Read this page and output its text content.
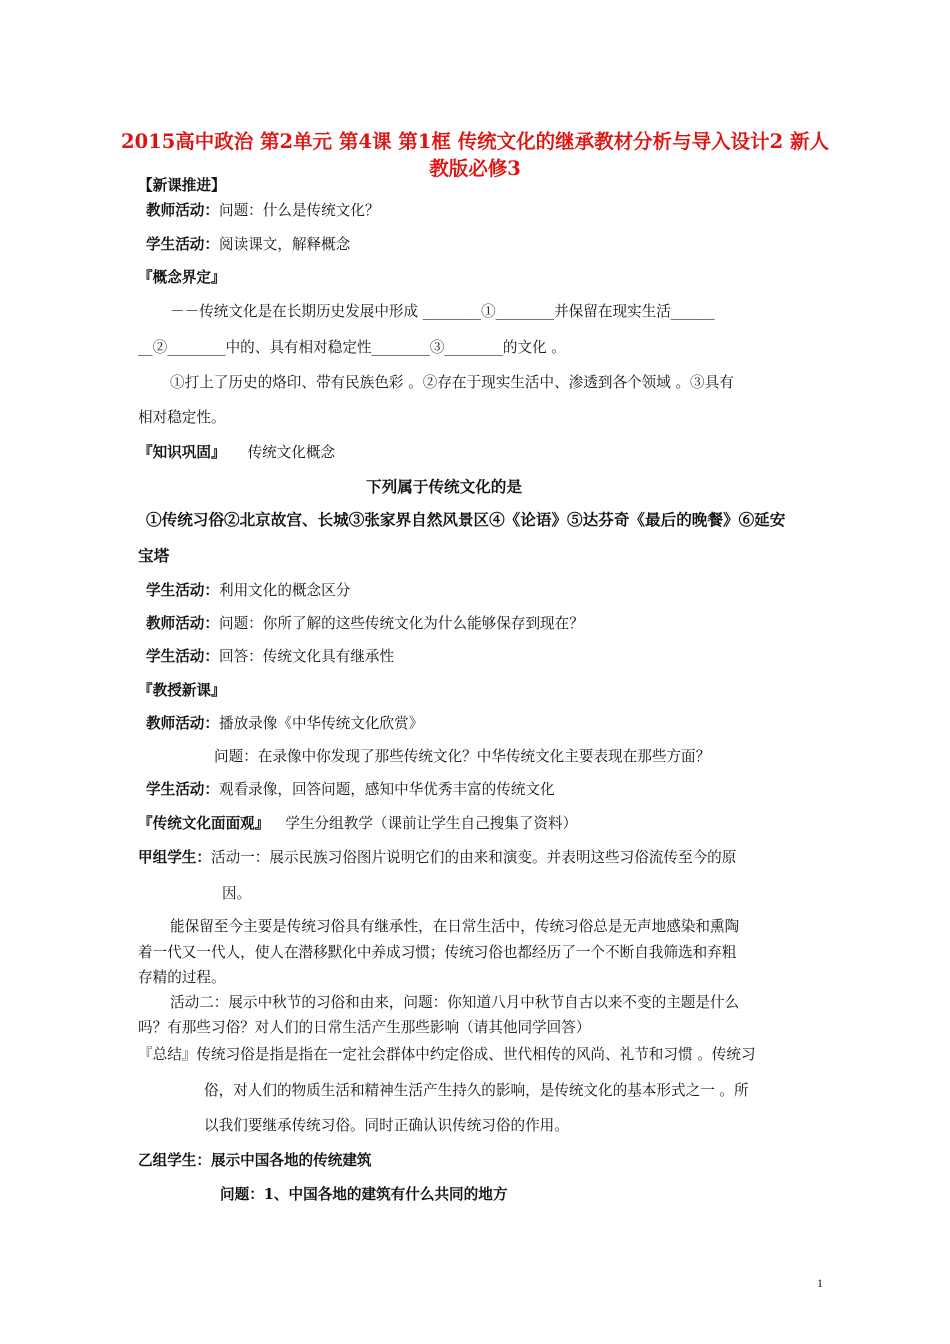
2015高中政治 第2单元 第4课 第1框 传统文化的继承教材分析与导入设计2 新人教版必修3
【新课推进】
教师活动：问题：什么是传统文化？
学生活动：阅读课文，解释概念
『概念界定』
－－传统文化是在长期历史发展中形成 ________①________并保留在现实生活______
__②________中的、具有相对稳定性________③________的文化 。
①打上了历史的烙印、带有民族色彩 。②存在于现实生活中、渗透到各个领域 。③具有
相对稳定性。
『知识巩固』 传统文化概念
下列属于传统文化的是
①传统习俗②北京故宫、长城③张家界自然风景区④《论语》⑤达芬奇《最后的晚餐》⑥延安
宝塔
学生活动：利用文化的概念区分
教师活动：问题：你所了解的这些传统文化为什么能够保存到现在？
学生活动：回答：传统文化具有继承性
『教授新课』
教师活动：播放录像《中华传统文化欣赏》
问题：在录像中你发现了那些传统文化？中华传统文化主要表现在那些方面？
学生活动：观看录像，回答问题，感知中华优秀丰富的传统文化
『传统文化面面观』 学生分组教学（课前让学生自己搜集了资料）
甲组学生：活动一：展示民族习俗图片说明它们的由来和演变。并表明这些习俗流传至今的原
因。
能保留至今主要是传统习俗具有继承性，在日常生活中，传统习俗总是无声地感染和熏陶
着一代又一代人，使人在潜移默化中养成习惯；传统习俗也都经历了一个不断自我筛选和弃粗
存精的过程。
活动二：展示中秋节的习俗和由来，问题：你知道八月中秋节自古以来不变的主题是什么
吗？有那些习俗？对人们的日常生活产生那些影响（请其他同学回答）
『总结』传统习俗是指是指在一定社会群体中约定俗成、世代相传的风尚、礼节和习惯 。传统习
俗，对人们的物质生活和精神生活产生持久的影响，是传统文化的基本形式之一 。所
以我们要继承传统习俗。同时正确认识传统习俗的作用。
乙组学生：展示中国各地的传统建筑
问题：1、中国各地的建筑有什么共同的地方
1
